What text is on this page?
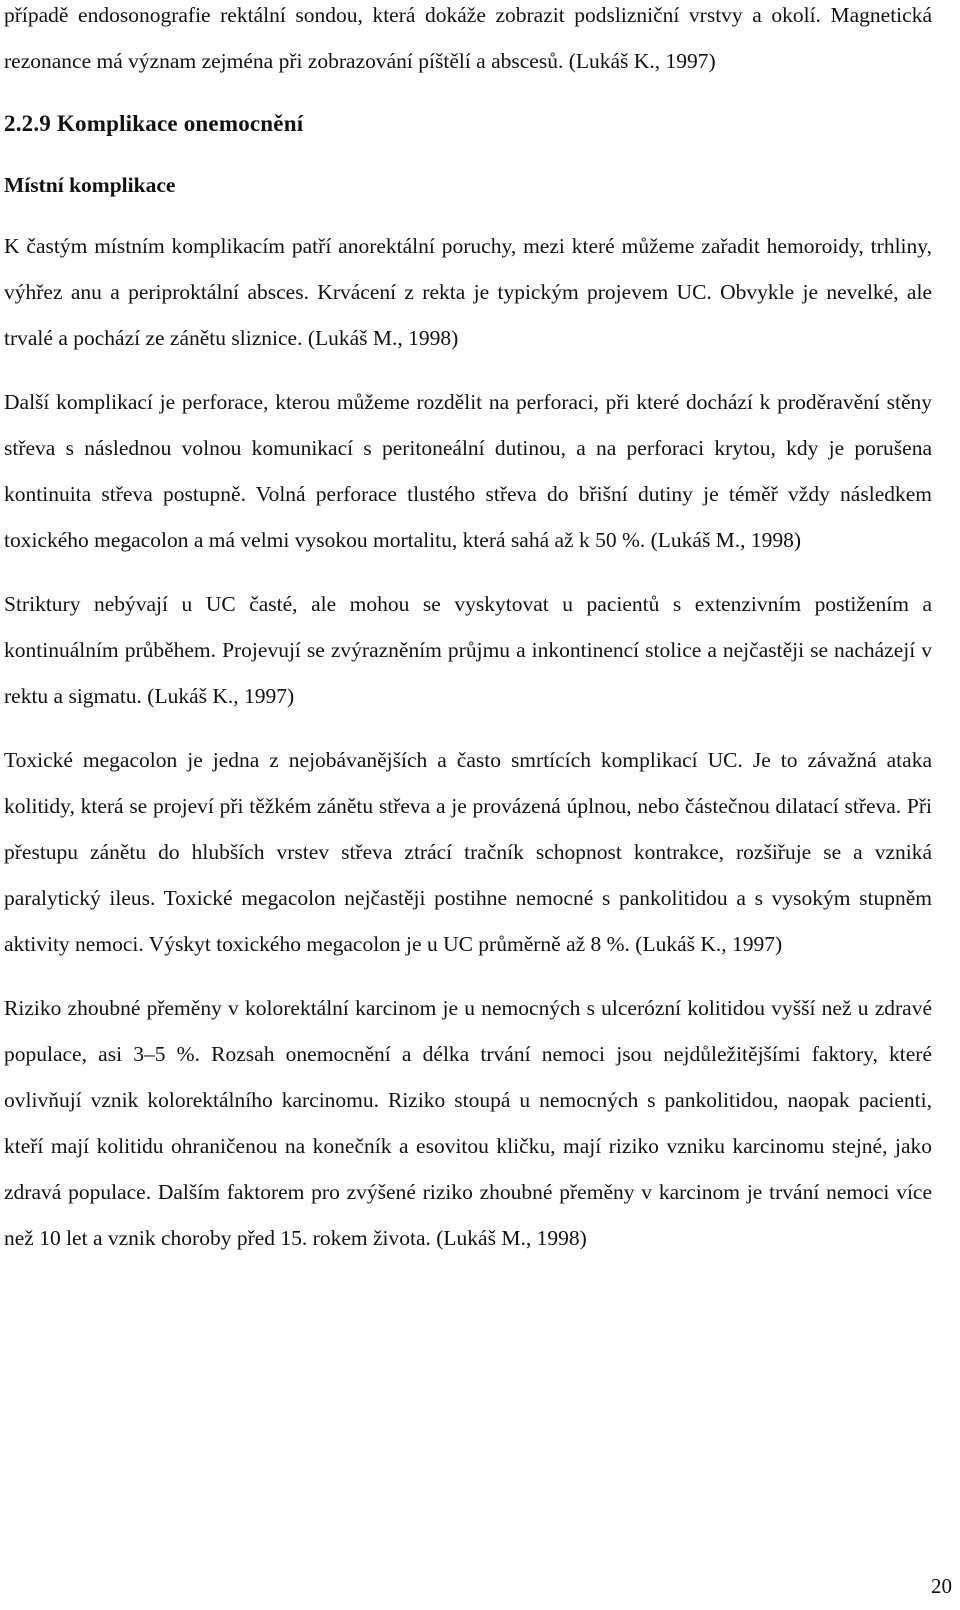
případě endosonografie rektální sondou, která dokáže zobrazit podslizniční vrstvy a okolí. Magnetická rezonance má význam zejména při zobrazování píštělí a abscesů. (Lukáš K., 1997)

2.2.9 Komplikace onemocnění
Místní komplikace

K častým místním komplikacím patří anorektální poruchy, mezi které můžeme zařadit hemoroidy, trhliny, výhřez anu a periproktální absces. Krvácení z rekta je typickým projevem UC. Obvykle je nevelké, ale trvalé a pochází ze zánětu sliznice. (Lukáš M., 1998)

Další komplikací je perforace, kterou můžeme rozdělit na perforaci, při které dochází k proděravění stěny střeva s následnou volnou komunikací s peritoneální dutinou, a na perforaci krytou, kdy je porušena kontinuita střeva postupně. Volná perforace tlustého střeva do břišní dutiny je téměř vždy následkem toxického megacolon a má velmi vysokou mortalitu, která sahá až k 50 %. (Lukáš M., 1998)

Striktury nebývají u UC časté, ale mohou se vyskytovat u pacientů s extenzivním postižením a kontinuálním průběhem. Projevují se zvýrazněním průjmu a inkontinencí stolice a nejčastěji se nacházejí v rektu a sigmatu. (Lukáš K., 1997)

Toxické megacolon je jedna z nejobávanějších a často smrtících komplikací UC. Je to závažná ataka kolitidy, která se projeví při těžkém zánětu střeva a je provázená úplnou, nebo částečnou dilatací střeva. Při přestupu zánětu do hlubších vrstev střeva ztrácí tračník schopnost kontrakce, rozšiřuje se a vzniká paralytický ileus. Toxické megacolon nejčastěji postihne nemocné s pankolitidou a s vysokým stupněm aktivity nemoci. Výskyt toxického megacolon je u UC průměrně až 8 %. (Lukáš K., 1997)

Riziko zhoubné přeměny v kolorektální karcinom je u nemocných s ulcerózní kolitidou vyšší než u zdravé populace, asi 3–5 %. Rozsah onemocnění a délka trvání nemoci jsou nejdůležitějšími faktory, které ovlivňují vznik kolorektálního karcinomu. Riziko stoupá u nemocných s pankolitidou, naopak pacienti, kteří mají kolitidu ohraničenou na konečník a esovitou kličku, mají riziko vzniku karcinomu stejné, jako zdravá populace. Dalším faktorem pro zvýšené riziko zhoubné přeměny v karcinom je trvání nemoci více než 10 let a vznik choroby před 15. rokem života. (Lukáš M., 1998)

20
